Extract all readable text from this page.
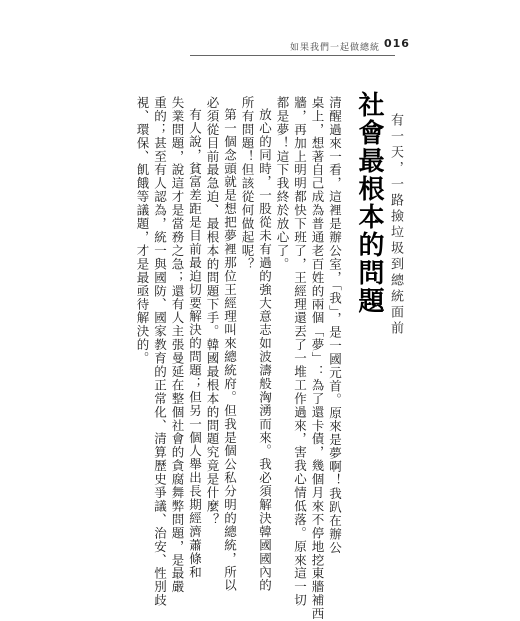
如果我們一起做總統 016
有一天，一路撿垃圾到總統面前
社會最根本的問題
清醒過來一看，這裡是辦公室，「我」，是一國元首。原來是夢啊！我趴在辦公
桌上，想著自己成為普通老百姓的兩個「夢」：為了還卡債，幾個月來不停地挖東牆補西
牆，再加上明明都快下班了，王經理還丟了一堆工作過來，害我心情低落。原來這一切
都是夢！這下我終於放心了。
放心的同時，一股從未有過的強大意志如波濤般洶湧而來。我必須解決韓國國內的
所有問題！但該從何做起呢？
第一個念頭就是想把夢裡那位王經理叫來總統府。但我是個公私分明的總統，所以
必須從目前最急迫、最根本的問題下手。韓國最根本的問題究竟是什麼？
有人說，貧富差距是目前最迫切要解決的問題；但另一個人舉出長期經濟蕭條和
失業問題，說這才是當務之急；還有人主張曼延在整個社會的貪腐舞弊問題，是最嚴
重的；甚至有人認為，統一與國防、國家教育的正常化、清算歷史爭議、治安、性別歧
視、環保、飢餓等議題，才是最亟待解決的。
